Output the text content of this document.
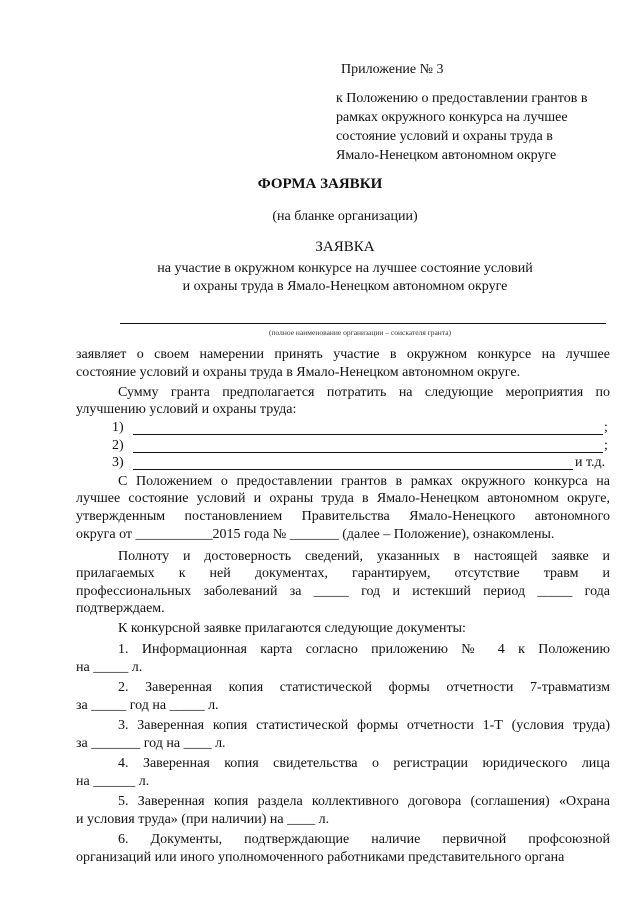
Приложение № 3
к Положению о предоставлении грантов в
рамках окружного конкурса на лучшее
состояние условий и охраны труда в
Ямало-Ненецком автономном округе
ФОРМА ЗАЯВКИ
(на бланке организации)
ЗАЯВКА
на участие в окружном конкурсе на лучшее состояние условий
и охраны труда в Ямало-Ненецком автономном округе
(полное наименование организации – соискателя гранта)
заявляет о своем намерении принять участие в окружном конкурсе на лучшее
состояние условий и охраны труда в Ямало-Ненецком автономном округе.
Сумму гранта предполагается потратить на следующие мероприятия по
улучшению условий и охраны труда:
1)	;
2)	;
3)	и т.д.
С Положением о предоставлении грантов в рамках окружного конкурса на
лучшее состояние условий и охраны труда в Ямало-Ненецком автономном округе,
утвержденным постановлением Правительства Ямало-Ненецкого автономного
округа от ___________2015 года № _______ (далее – Положение), ознакомлены.
Полноту и достоверность сведений, указанных в настоящей заявке и
прилагаемых к ней документах, гарантируем, отсутствие травм и
профессиональных заболеваний за _____ год и истекший период _____ года
подтверждаем.
К конкурсной заявке прилагаются следующие документы:
1. Информационная карта согласно приложению № 4 к Положению
на _____ л.
2. Заверенная копия статистической формы отчетности 7-травматизм
за _____ год на _____ л.
3. Заверенная копия статистической формы отчетности 1-Т (условия труда)
за _______ год на ____ л.
4. Заверенная копия свидетельства о регистрации юридического лица
на ______ л.
5. Заверенная копия раздела коллективного договора (соглашения) «Охрана
и условия труда» (при наличии) на ____ л.
6. Документы, подтверждающие наличие первичной профсоюзной
организаций или иного уполномоченного работниками представительного органа
